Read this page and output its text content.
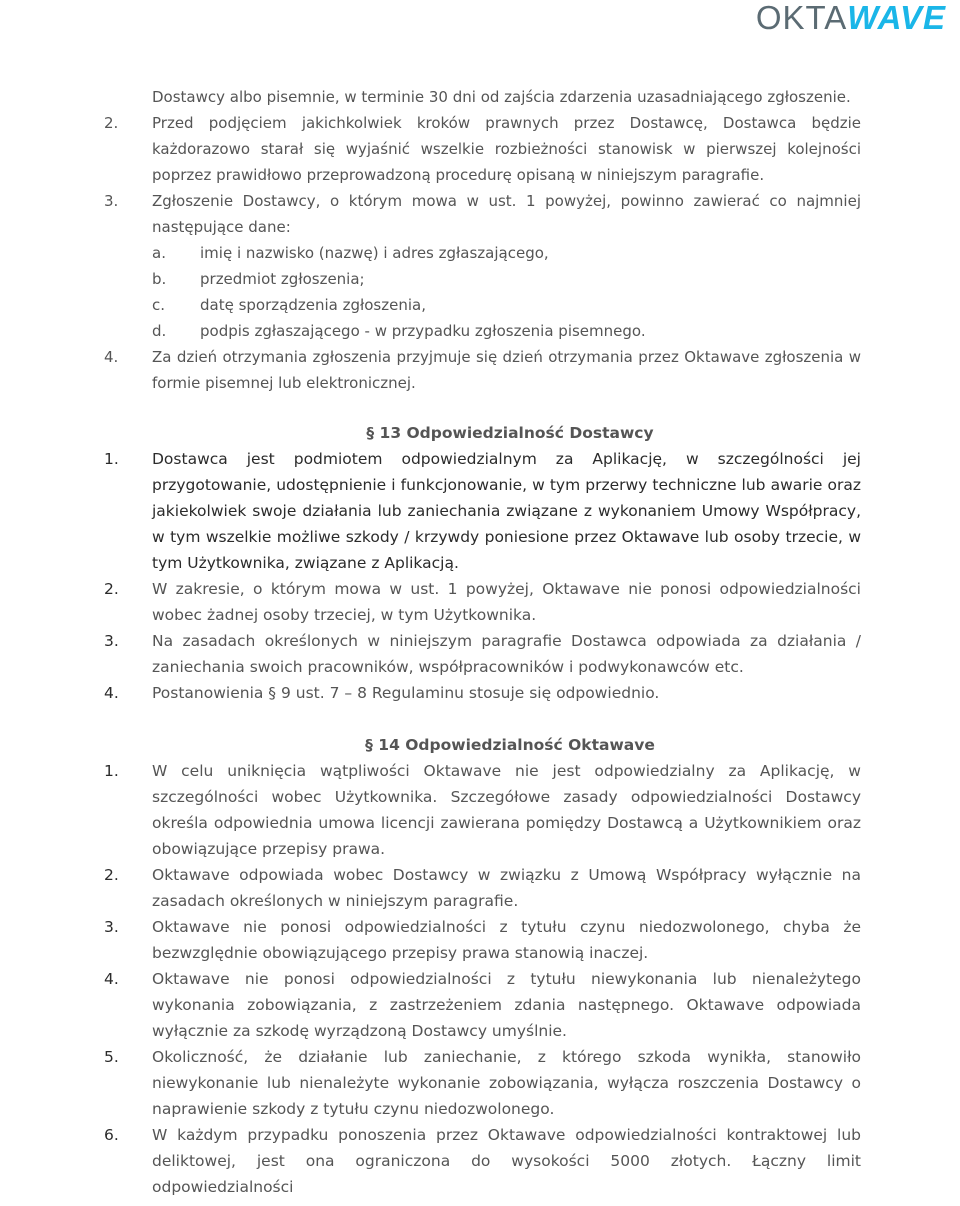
OKTAWAVE
Dostawcy albo pisemnie, w terminie 30 dni od zajścia zdarzenia uzasadniającego zgłoszenie.
2.	Przed podjęciem jakichkolwiek kroków prawnych przez Dostawcę, Dostawca będzie każdorazowo starał się wyjaśnić wszelkie rozbieżności stanowisk w pierwszej kolejności poprzez prawidłowo przeprowadzoną procedurę opisaną w niniejszym paragrafie.
3.	Zgłoszenie Dostawcy, o którym mowa w ust. 1 powyżej, powinno zawierać co najmniej następujące dane:
a. imię i nazwisko (nazwę) i adres zgłaszającego,
b. przedmiot zgłoszenia;
c. datę sporządzenia zgłoszenia,
d. podpis zgłaszającego - w przypadku zgłoszenia pisemnego.
4.	Za dzień otrzymania zgłoszenia przyjmuje się dzień otrzymania przez Oktawave zgłoszenia w formie pisemnej lub elektronicznej.
§ 13 Odpowiedzialność Dostawcy
1.	Dostawca jest podmiotem odpowiedzialnym za Aplikację, w szczególności jej przygotowanie, udostępnienie i funkcjonowanie, w tym przerwy techniczne lub awarie oraz jakiekolwiek swoje działania lub zaniechania związane z wykonaniem Umowy Współpracy, w tym wszelkie możliwe szkody / krzywdy poniesione przez Oktawave lub osoby trzecie, w tym Użytkownika, związane z Aplikacją.
2.	W zakresie, o którym mowa w ust. 1 powyżej, Oktawave nie ponosi odpowiedzialności wobec żadnej osoby trzeciej, w tym Użytkownika.
3.	Na zasadach określonych w niniejszym paragrafie Dostawca odpowiada za działania / zaniechania swoich pracowników, współpracowników i podwykonawców etc.
4.	Postanowienia § 9 ust. 7 – 8 Regulaminu stosuje się odpowiednio.
§ 14 Odpowiedzialność Oktawave
1.	W celu uniknięcia wątpliwości Oktawave nie jest odpowiedzialny za Aplikację, w szczególności wobec Użytkownika. Szczegółowe zasady odpowiedzialności Dostawcy określa odpowiednia umowa licencji zawierana pomiędzy Dostawcą a Użytkownikiem oraz obowiązujące przepisy prawa.
2.	Oktawave odpowiada wobec Dostawcy w związku z Umową Współpracy wyłącznie na zasadach określonych w niniejszym paragrafie.
3.	Oktawave nie ponosi odpowiedzialności z tytułu czynu niedozwolonego, chyba że bezwzględnie obowiązującego przepisy prawa stanowią inaczej.
4.	Oktawave nie ponosi odpowiedzialności z tytułu niewykonania lub nienależytego wykonania zobowiązania, z zastrzeżeniem zdania następnego. Oktawave odpowiada wyłącznie za szkodę wyrządzoną Dostawcy umyślnie.
5.	Okoliczność, że działanie lub zaniechanie, z którego szkoda wynikła, stanowiło niewykonanie lub nienależyte wykonanie zobowiązania, wyłącza roszczenia Dostawcy o naprawienie szkody z tytułu czynu niedozwolonego.
6.	W każdym przypadku ponoszenia przez Oktawave odpowiedzialności kontraktowej lub deliktowej, jest ona ograniczona do wysokości 5000 złotych. Łączny limit odpowiedzialności
